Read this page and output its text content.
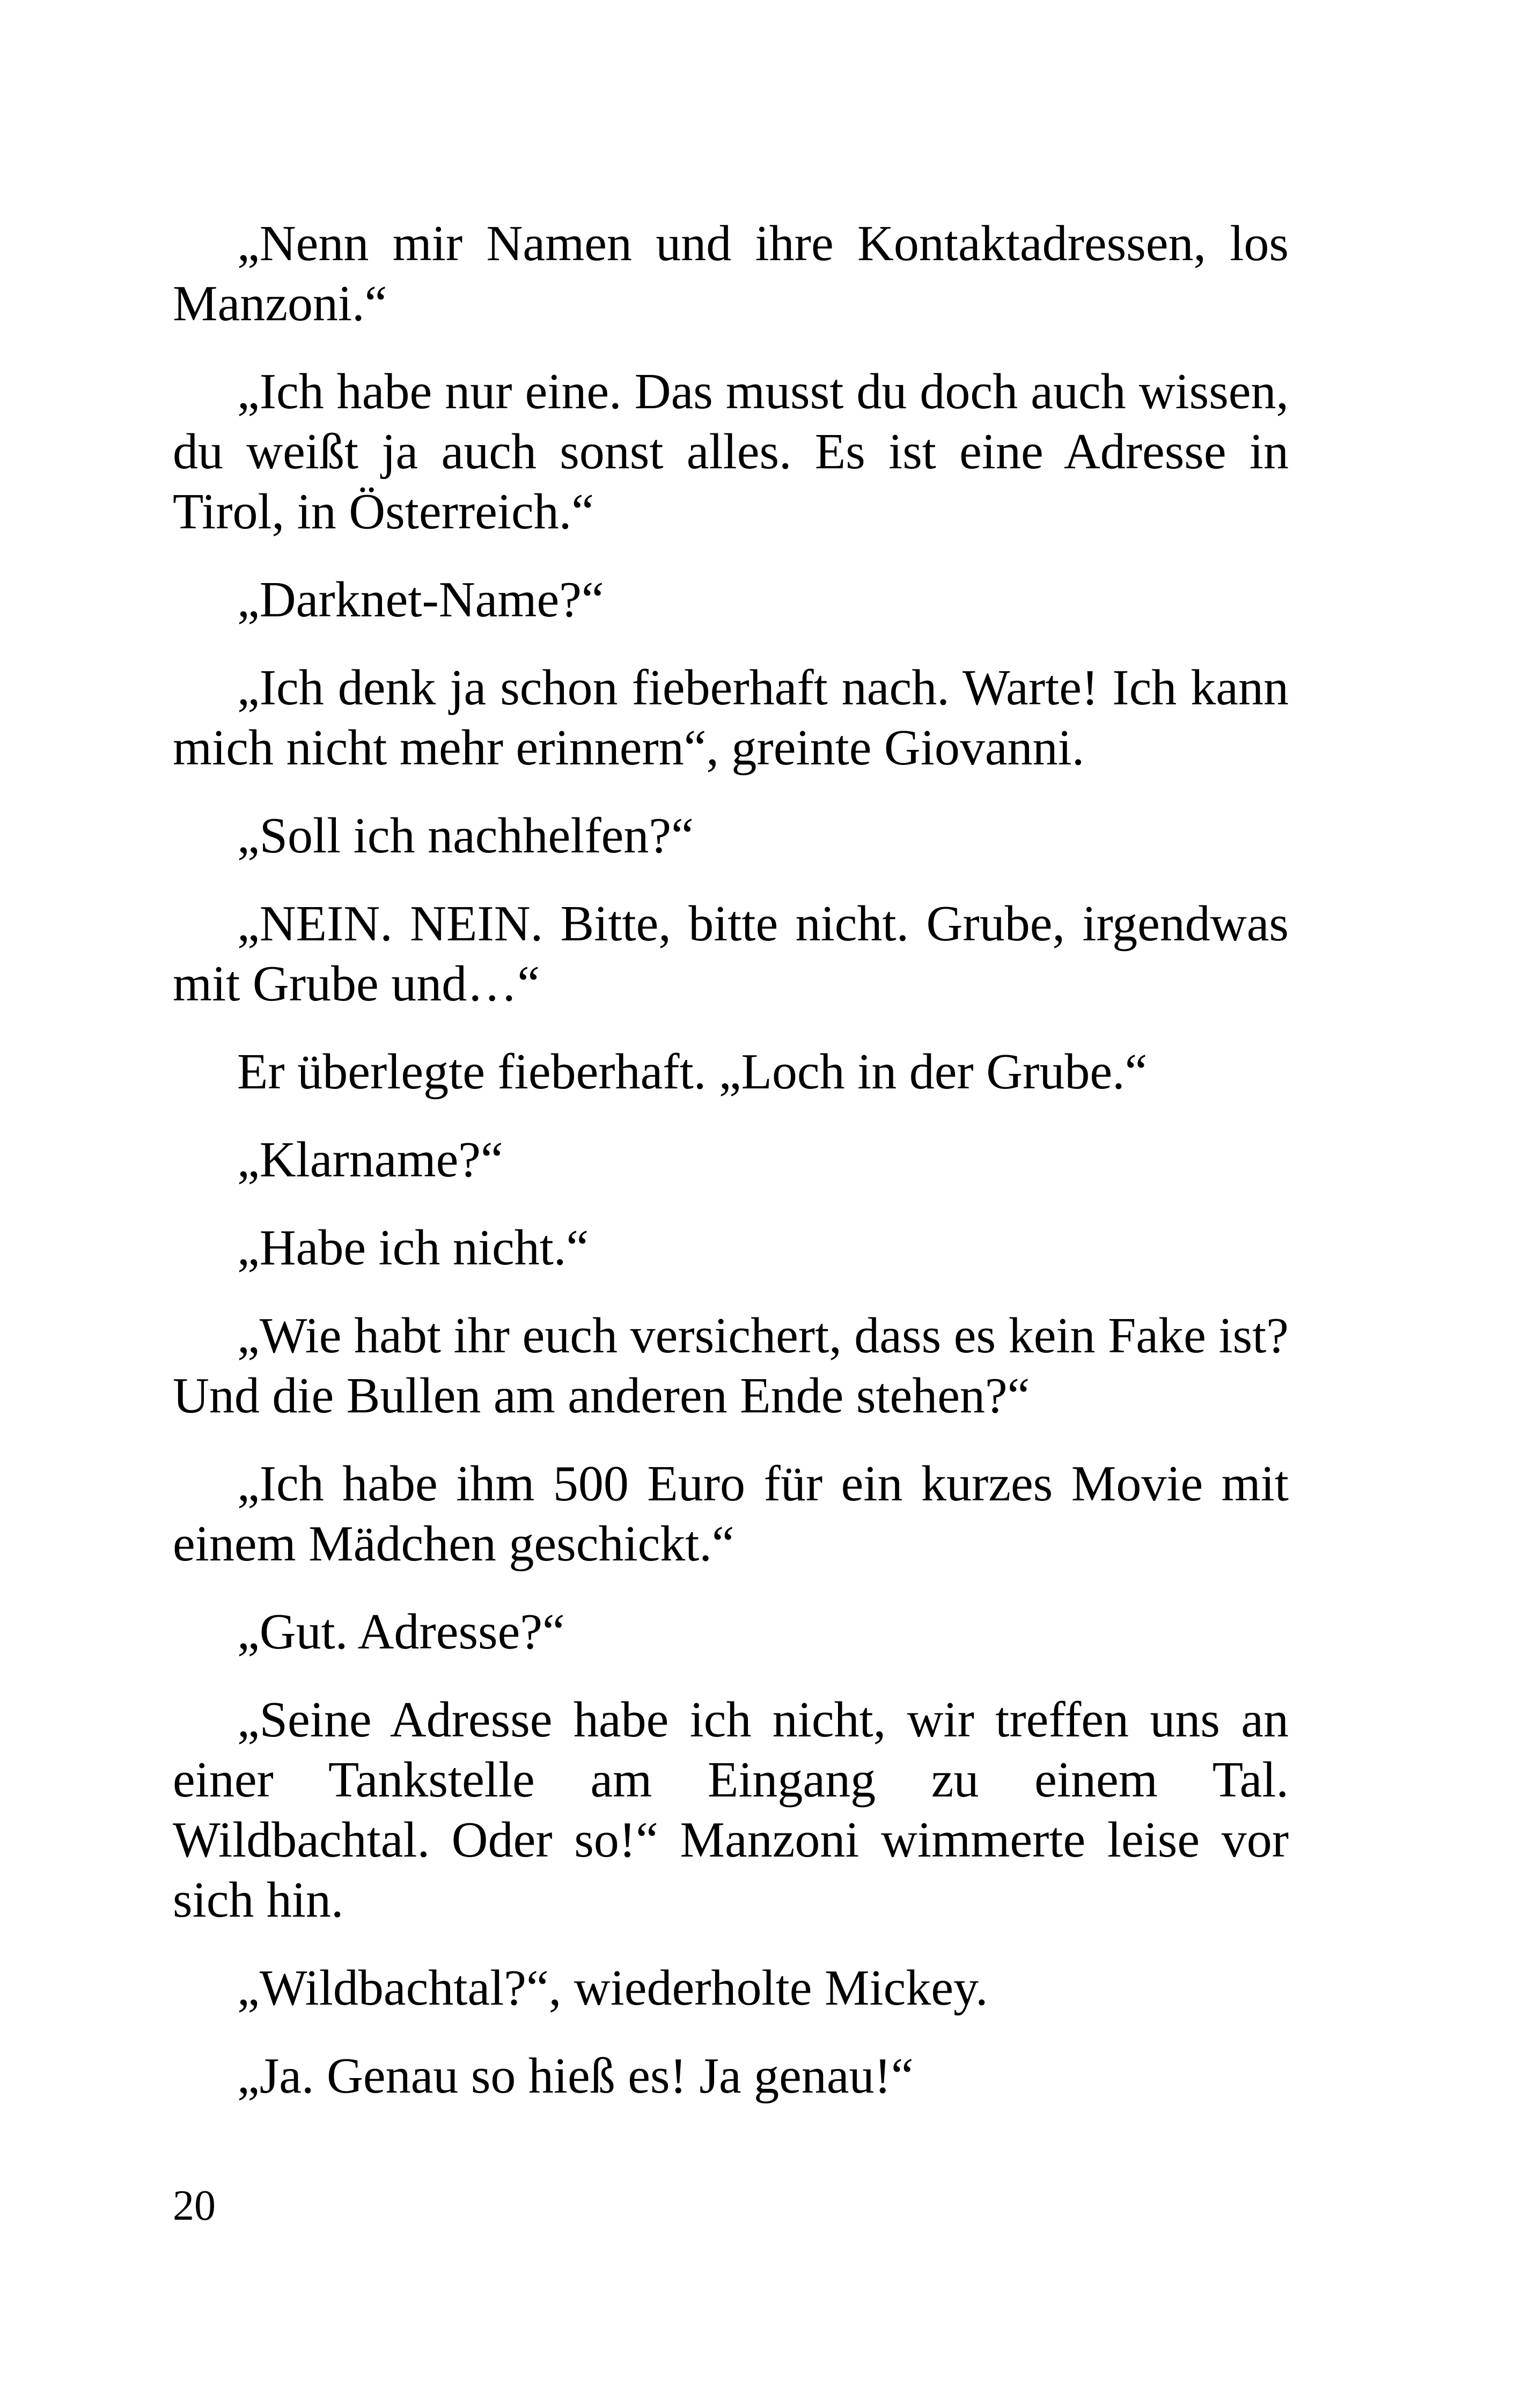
„Nenn mir Namen und ihre Kontaktadressen, los Manzoni.“

„Ich habe nur eine. Das musst du doch auch wissen, du weißt ja auch sonst alles. Es ist eine Adresse in Tirol, in Österreich.“

„Darknet-Name?“

„Ich denk ja schon fieberhaft nach. Warte! Ich kann mich nicht mehr erinnern“, greinte Giovanni.

„Soll ich nachhelfen?“

„NEIN. NEIN. Bitte, bitte nicht. Grube, irgendwas mit Grube und…“

Er überlegte fieberhaft. „Loch in der Grube.“

„Klarname?“

„Habe ich nicht.“

„Wie habt ihr euch versichert, dass es kein Fake ist? Und die Bullen am anderen Ende stehen?“

„Ich habe ihm 500 Euro für ein kurzes Movie mit einem Mädchen geschickt.“

„Gut. Adresse?“

„Seine Adresse habe ich nicht, wir treffen uns an einer Tankstelle am Eingang zu einem Tal. Wildbachtal. Oder so!“ Manzoni wimmerte leise vor sich hin.

„Wildbachtal?“, wiederholte Mickey.

„Ja. Genau so hieß es! Ja genau!“

20
